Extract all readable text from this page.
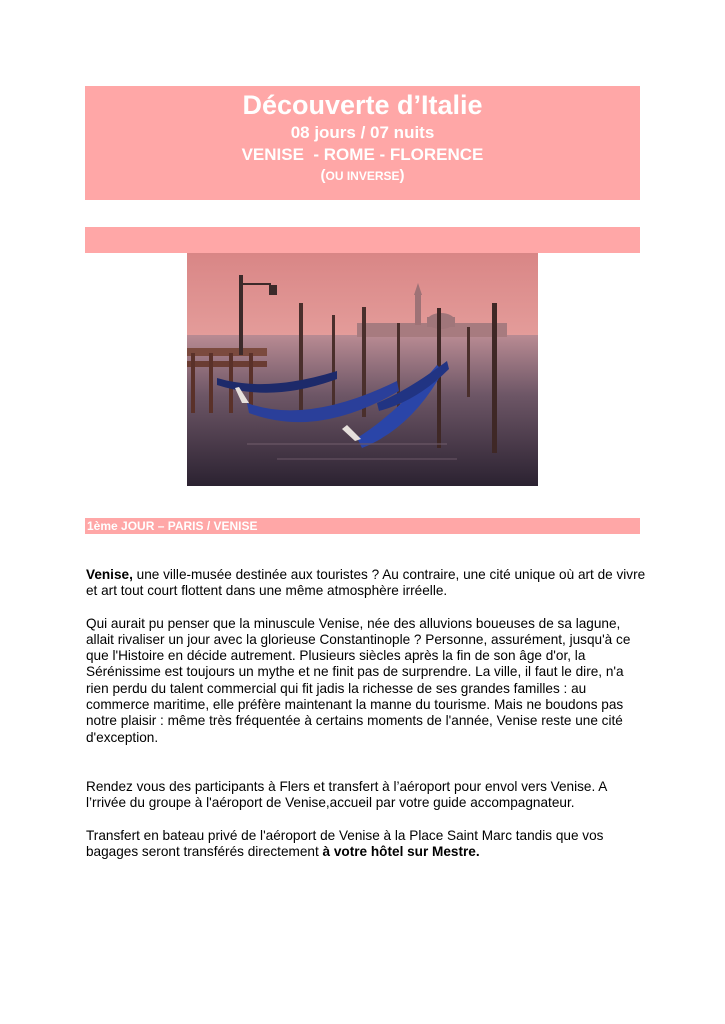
Découverte d’Italie
08 jours / 07 nuits
VENISE  - ROME - FLORENCE
(OU INVERSE)
1ème JOUR – PARIS / VENISE

Venise, une ville-musée destinée aux touristes ? Au contraire, une cité unique où art de vivre et art tout court flottent dans une même atmosphère irréelle.

Qui aurait pu penser que la minuscule Venise, née des alluvions boueuses de sa lagune, allait rivaliser un jour avec la glorieuse Constantinople ? Personne, assurément, jusqu'à ce que l'Histoire en décide autrement. Plusieurs siècles après la fin de son âge d'or, la Sérénissime est toujours un mythe et ne finit pas de surprendre. La ville, il faut le dire, n'a rien perdu du talent commercial qui fit jadis la richesse de ses grandes familles : au commerce maritime, elle préfère maintenant la manne du tourisme. Mais ne boudons pas notre plaisir : même très fréquentée à certains moments de l'année, Venise reste une cité d'exception.

Rendez vous des participants à Flers et transfert à l’aéroport pour envol vers Venise. A l’rrivée du groupe à l'aéroport de Venise,accueil par votre guide accompagnateur.

Transfert en bateau privé de l'aéroport de Venise à la Place Saint Marc tandis que vos bagages seront transférés directement à votre hôtel sur Mestre.
